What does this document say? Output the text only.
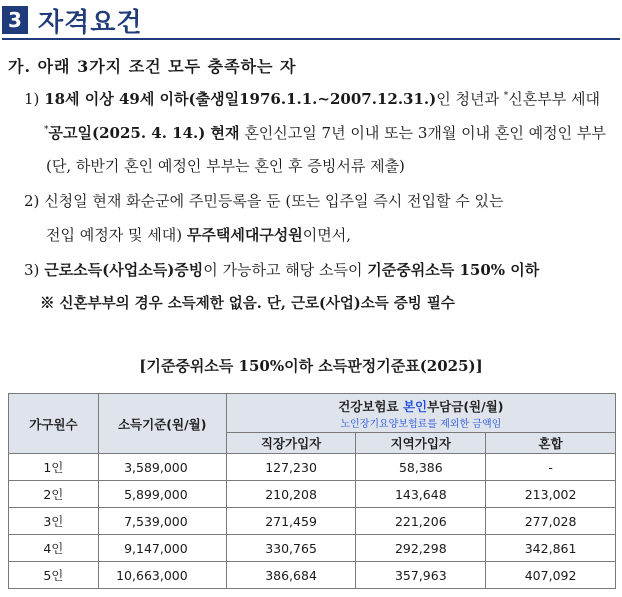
3 자격요건
가. 아래 3가지 조건 모두 충족하는 자
1) 18세 이상 49세 이하(출생일1976.1.1.~2007.12.31.)인 청년과 *신혼부부 세대
*공고일(2025. 4. 14.) 현재 혼인신고일 7년 이내 또는 3개월 이내 혼인 예정인 부부
(단, 하반기 혼인 예정인 부부는 혼인 후 증빙서류 제출)
2) 신청일 현재 화순군에 주민등록을 둔 (또는 입주일 즉시 전입할 수 있는
전입 예정자 및 세대) 무주택세대구성원이면서,
3) 근로소득(사업소득)증빙이 가능하고 해당 소득이 기준중위소득 150% 이하
※ 신혼부부의 경우 소득제한 없음. 단, 근로(사업)소득 증빙 필수
[기준중위소득 150%이하 소득판정기준표(2025)]
가구원수	소득기준(원/월)	건강보험료 본인부담금(원/월)
노인장기요양보험료를 제외한 금액임		

		직장가입자	지역가입자	혼합
1인	3,589,000	127,230	58,386	-
2인	5,899,000	210,208	143,648	213,002
3인	7,539,000	271,459	221,206	277,028
4인	9,147,000	330,765	292,298	342,861
5인	10,663,000	386,684	357,963	407,092
